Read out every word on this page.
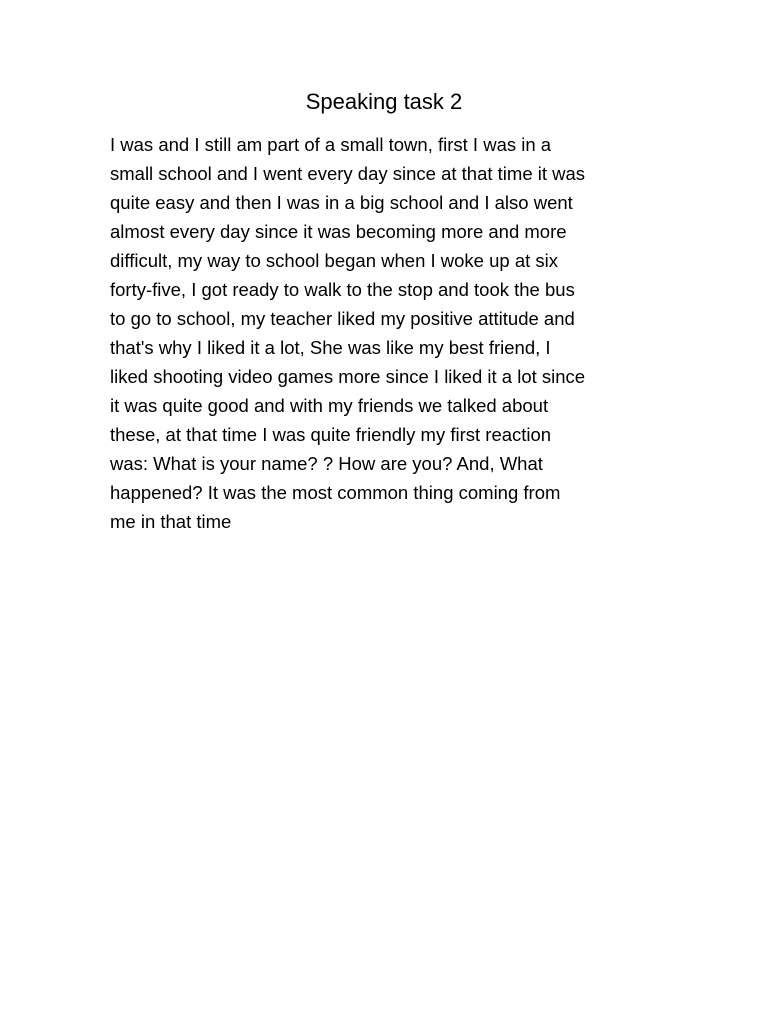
Speaking task 2
I was and I still am part of a small town, first I was in a
small school and I went every day since at that time it was
quite easy and then I was in a big school and I also went
almost every day since it was becoming more and more
difficult, my way to school began when I woke up at six
forty-five, I got ready to walk to the stop and took the bus
to go to school, my teacher liked my positive attitude and
that's why I liked it a lot, She was like my best friend, I
liked shooting video games more since I liked it a lot since
it was quite good and with my friends we talked about
these, at that time I was quite friendly my first reaction
was: What is your name? ? How are you? And, What
happened? It was the most common thing coming from
me in that time
